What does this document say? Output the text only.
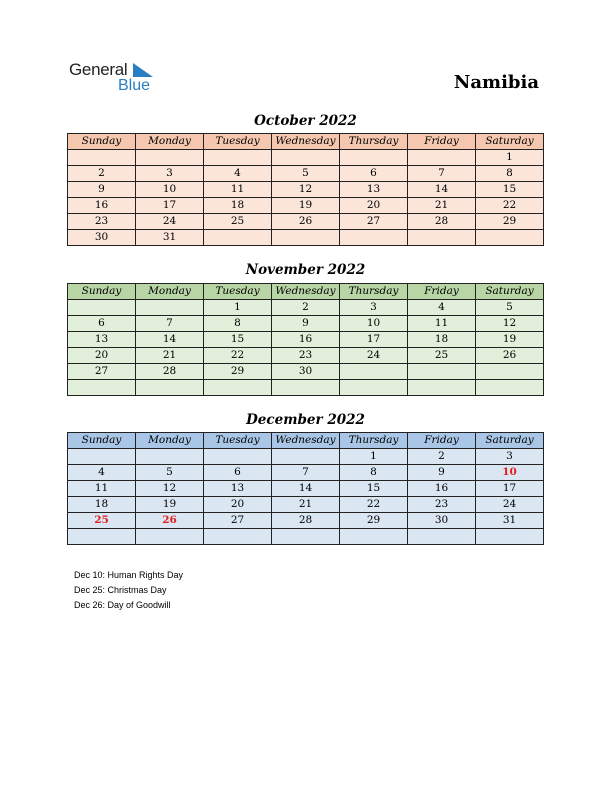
General
Blue	Namibia
October 2022
Sunday	Monday	Tuesday	Wednesday	Thursday	Friday	Saturday
						1
2	3	4	5	6	7	8
9	10	11	12	13	14	15
16	17	18	19	20	21	22
23	24	25	26	27	28	29
30	31					
November 2022
Sunday	Monday	Tuesday	Wednesday	Thursday	Friday	Saturday
		1	2	3	4	5
6	7	8	9	10	11	12
13	14	15	16	17	18	19
20	21	22	23	24	25	26
27	28	29	30			

December 2022
Sunday	Monday	Tuesday	Wednesday	Thursday	Friday	Saturday
				1	2	3
4	5	6	7	8	9	10
11	12	13	14	15	16	17
18	19	20	21	22	23	24
25	26	27	28	29	30	31

Dec 10: Human Rights Day
Dec 25: Christmas Day
Dec 26: Day of Goodwill
